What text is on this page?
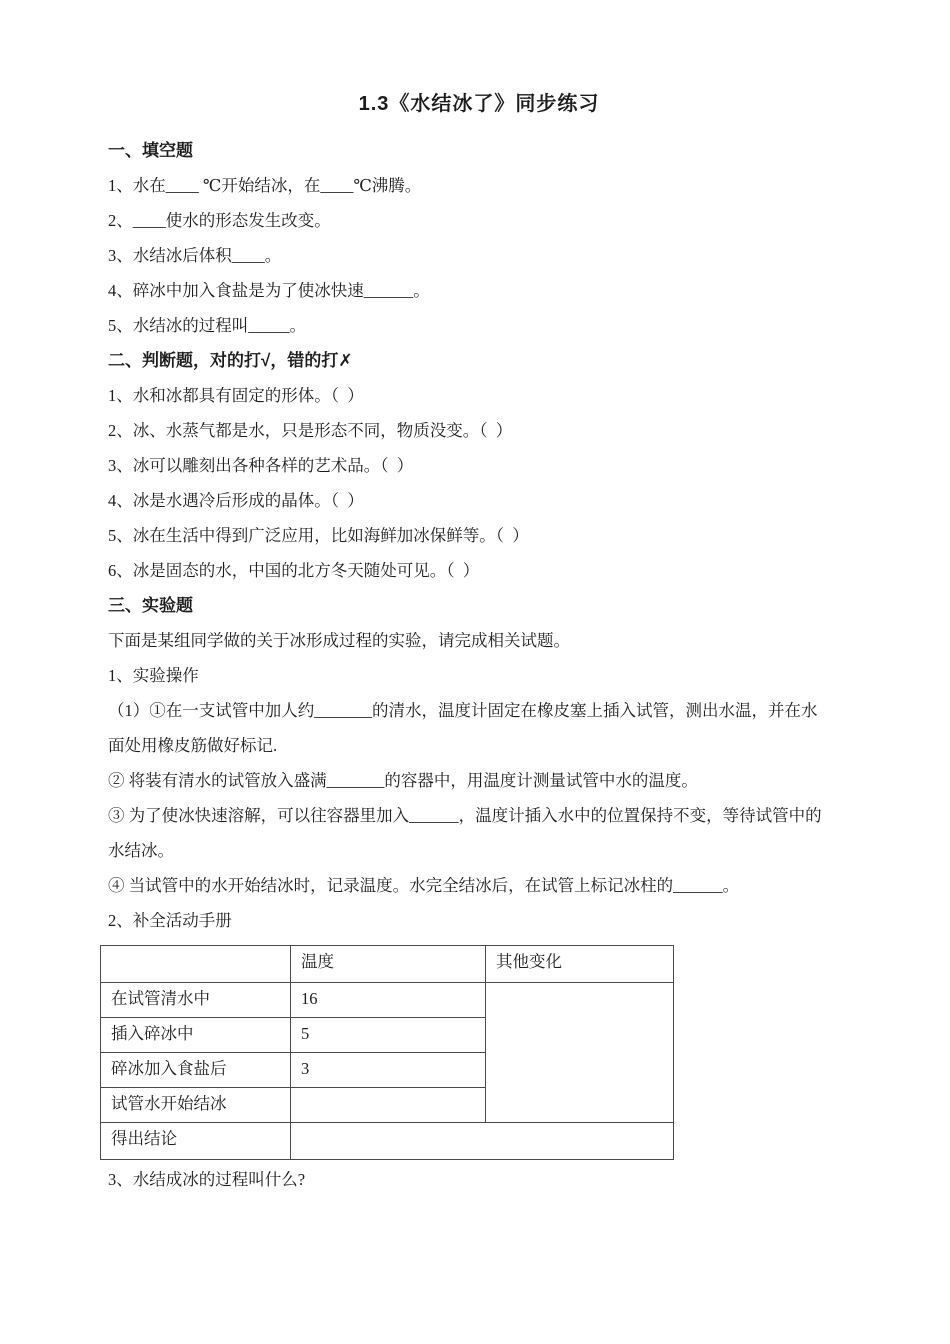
1.3《水结冰了》同步练习
一、填空题

1、水在____ ℃开始结冰，在____℃沸腾。

2、____使水的形态发生改变。

3、水结冰后体积____。

4、碎冰中加入食盐是为了使冰快速______。

5、水结冰的过程叫_____。

二、判断题，对的打√，错的打✗

1、水和冰都具有固定的形体。（  ）

2、冰、水蒸气都是水，只是形态不同，物质没变。（  ）

3、冰可以雕刻出各种各样的艺术品。（  ）

4、冰是水遇冷后形成的晶体。（  ）

5、冰在生活中得到广泛应用，比如海鲜加冰保鲜等。（  ）

6、冰是固态的水，中国的北方冬天随处可见。（  ）

三、实验题

下面是某组同学做的关于冰形成过程的实验，请完成相关试题。

1、实验操作

（1）①在一支试管中加人约_______的清水，温度计固定在橡皮塞上插入试管，测出水温，并在水

面处用橡皮筋做好标记.

② 将装有清水的试管放入盛满_______的容器中，用温度计测量试管中水的温度。

③ 为了使冰快速溶解，可以往容器里加入______，温度计插入水中的位置保持不变，等待试管中的

水结冰。

④ 当试管中的水开始结冰时，记录温度。水完全结冰后，在试管上标记冰柱的______。

2、补全活动手册

	温度	其他变化
在试管清水中	16	
插入碎冰中	5	
碎冰加入食盐后	3	
试管水开始结冰		
得出结论		

3、水结成冰的过程叫什么?
